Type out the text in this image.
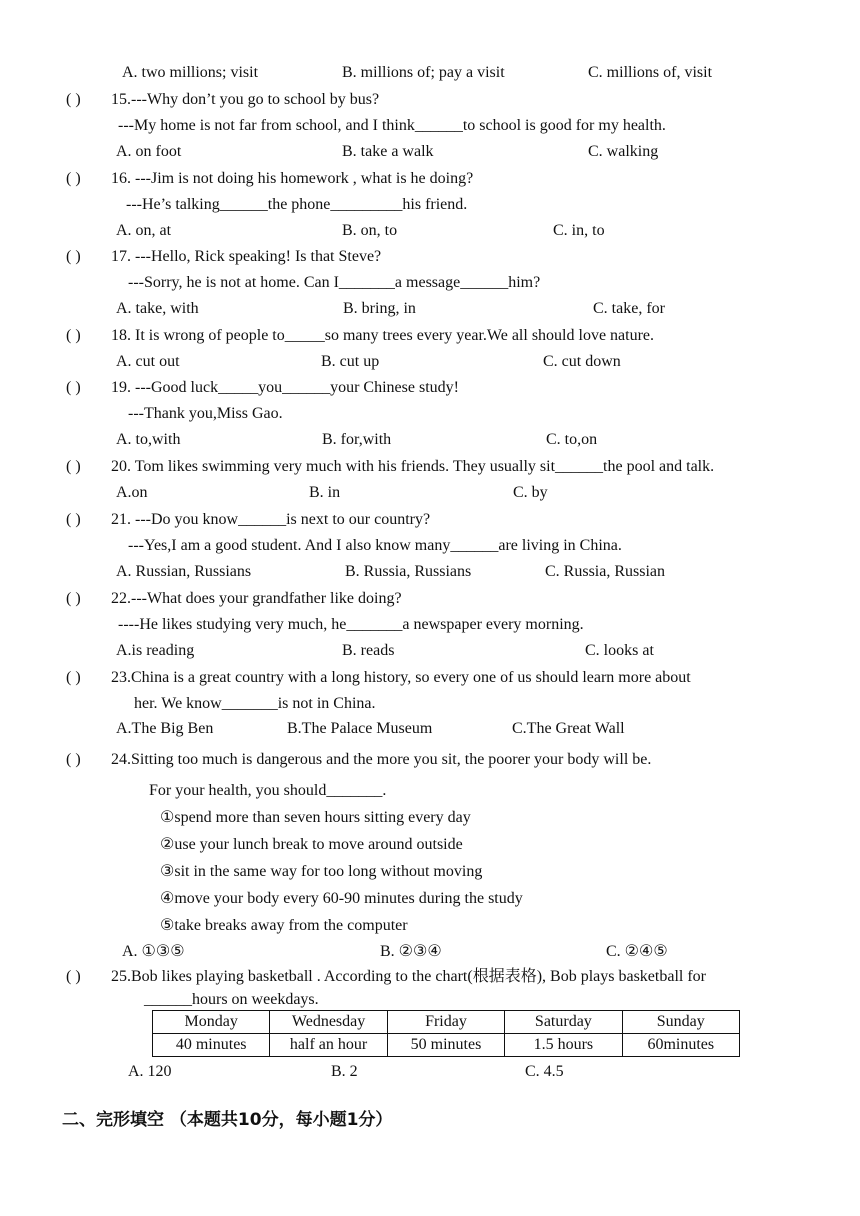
A. two millions; visit	B. millions of; pay a visit	C. millions of, visit
( ) 15.---Why don’t you go to school by bus?
---My home is not far from school, and I think______to school is good for my health.
A. on foot	B. take a walk	C. walking
( ) 16. ---Jim is not doing his homework , what is he doing?
---He’s talking______the phone_________his friend.
A. on, at	B. on, to	C. in, to
( ) 17. ---Hello, Rick speaking! Is that Steve?
---Sorry, he is not at home. Can I_______a message______him?
A. take, with	B. bring, in	C. take, for
( ) 18. It is wrong of people to_____so many trees every year.We all should love nature.
A. cut out	B. cut up	C. cut down
( ) 19. ---Good luck_____you______your Chinese study!
---Thank you,Miss Gao.
A. to,with	B. for,with	C. to,on
( ) 20. Tom likes swimming very much with his friends. They usually sit______the pool and talk.
A.on	B. in	C. by
( ) 21. ---Do you know______is next to our country?
---Yes,I am a good student. And I also know many______are living in China.
A. Russian, Russians	B. Russia, Russians	C. Russia, Russian
( ) 22.---What does your grandfather like doing?
----He likes studying very much, he_______a newspaper every morning.
A.is reading	B. reads	C. looks at
( ) 23.China is a great country with a long history, so every one of us should learn more about
her. We know_______is not in China.
A.The Big Ben	B.The Palace Museum	C.The Great Wall
( ) 24.Sitting too much is dangerous and the more you sit, the poorer your body will be.
For your health, you should_______.
①spend more than seven hours sitting every day
②use your lunch break to move around outside
③sit in the same way for too long without moving
④move your body every 60-90 minutes during the study
⑤take breaks away from the computer
A. ①③⑤	B. ②③④	C. ②④⑤
( ) 25.Bob likes playing basketball . According to the chart(根据表格), Bob plays basketball for
______hours on weekdays.
Monday	Wednesday	Friday	Saturday	Sunday
40 minutes	half an hour	50 minutes	1.5 hours	60minutes
A. 120	B. 2	C. 4.5
二、完形填空 （本题共10分，每小题1分）
